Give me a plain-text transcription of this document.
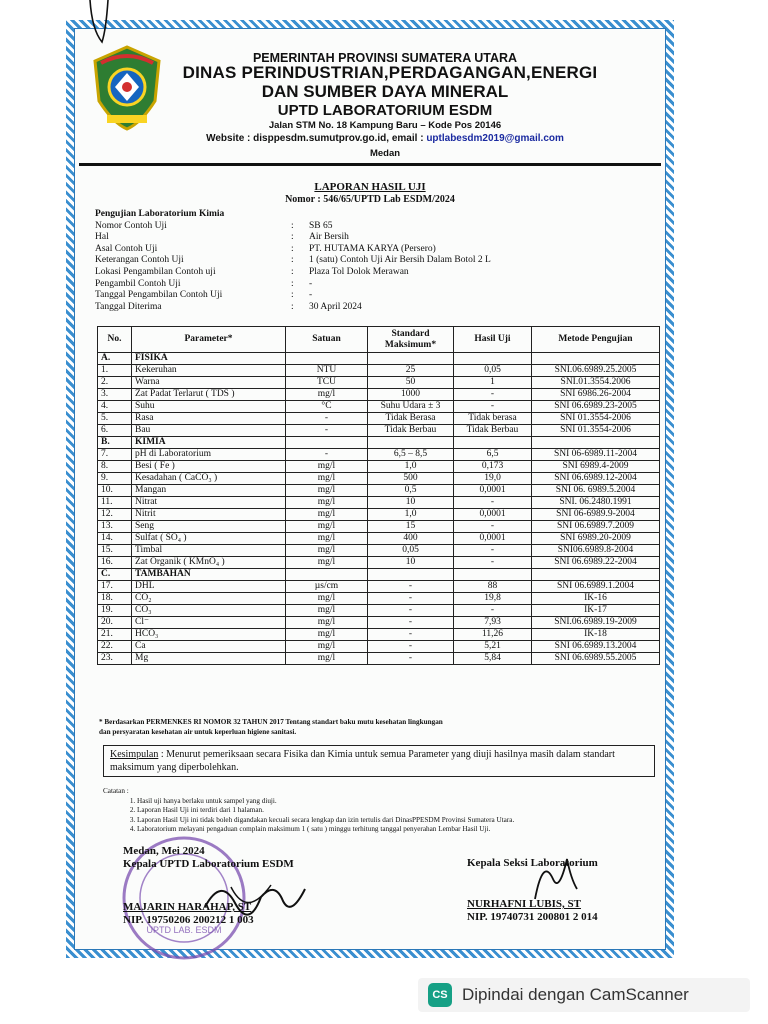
PEMERINTAH PROVINSI SUMATERA UTARA
DINAS PERINDUSTRIAN,PERDAGANGAN,ENERGI
DAN SUMBER DAYA MINERAL
UPTD LABORATORIUM ESDM
Jalan STM No. 18 Kampung Baru – Kode Pos 20146
Website : disppesdm.sumutprov.go.id, email : uptlabesdm2019@gmail.com
Medan
LAPORAN HASIL UJI
Nomor : 546/65/UPTD Lab ESDM/2024
Pengujian Laboratorium Kimia
Nomor Contoh Uji	:	SB 65
Hal	:	Air Bersih
Asal Contoh Uji	:	PT. HUTAMA KARYA (Persero)
Keterangan Contoh Uji	:	1 (satu) Contoh Uji Air Bersih Dalam Botol 2 L
Lokasi Pengambilan Contoh uji	:	Plaza Tol Dolok Merawan
Pengambil Contoh Uji	:	-
Tanggal Pengambilan Contoh Uji	:	-
Tanggal Diterima	:	30 April 2024
No.	Parameter*	Satuan	Standard Maksimum*	Hasil Uji	Metode Pengujian
A.	FISIKA				
1.	Kekeruhan	NTU	25	0,05	SNI.06.6989.25.2005
2.	Warna	TCU	50	1	SNI.01.3554.2006
3.	Zat Padat Terlarut ( TDS )	mg/l	1000	-	SNI 6986.26-2004
4.	Suhu	°C	Suhu Udara ± 3	-	SNI 06.6989.23-2005
5.	Rasa	-	Tidak Berasa	Tidak berasa	SNI 01.3554-2006
6.	Bau	-	Tidak Berbau	Tidak Berbau	SNI 01.3554-2006
B.	KIMIA				
7.	pH di Laboratorium	-	6,5 – 8,5	6,5	SNI 06-6989.11-2004
8.	Besi ( Fe )	mg/l	1,0	0,173	SNI 6989.4-2009
9.	Kesadahan ( CaCO₃ )	mg/l	500	19,0	SNI 06.6989.12-2004
10.	Mangan	mg/l	0,5	0,0001	SNI 06. 6989.5.2004
11.	Nitrat	mg/l	10	-	SNI. 06.2480.1991
12.	Nitrit	mg/l	1,0	0,0001	SNI 06-6989.9-2004
13.	Seng	mg/l	15	-	SNI 06.6989.7.2009
14.	Sulfat ( SO₄ )	mg/l	400	0,0001	SNI 6989.20-2009
15.	Timbal	mg/l	0,05	-	SNI06.6989.8-2004
16.	Zat Organik ( KMnO₄ )	mg/l	10	-	SNI 06.6989.22-2004
C.	TAMBAHAN				
17.	DHL	µs/cm	-	88	SNI 06.6989.1.2004
18.	CO₂	mg/l	-	19,8	IK-16
19.	CO₃	mg/l	-	-	IK-17
20.	Cl⁻	mg/l	-	7,93	SNI.06.6989.19-2009
21.	HCO₃	mg/l	-	11,26	IK-18
22.	Ca	mg/l	-	5,21	SNI 06.6989.13.2004
23.	Mg	mg/l	-	5,84	SNI 06.6989.55.2005
* Berdasarkan PERMENKES RI NOMOR 32 TAHUN 2017 Tentang standart baku mutu kesehatan lingkungan
dan persyaratan kesehatan air untuk keperluan higiene sanitasi.
Kesimpulan : Menurut pemeriksaan secara Fisika dan Kimia untuk semua Parameter yang diuji hasilnya masih dalam standart maksimum yang diperbolehkan.
Catatan :
1. Hasil uji hanya berlaku untuk sampel yang diuji.
2. Laporan Hasil Uji ini terdiri dari 1 halaman.
3. Laporan Hasil Uji ini tidak boleh digandakan kecuali secara lengkap dan izin tertulis dari DinasPPESDM Provinsi Sumatera Utara.
4. Laboratorium melayani pengaduan complain maksimum 1 ( satu ) minggu terhitung tanggal penyerahan Lembar Hasil Uji.
UPTD LAB. ESDM
Medan, Mei 2024
Kepala UPTD Laboratorium ESDM
MAJARIN HARAHAP, ST
NIP. 19750206 200212 1 003
Kepala Seksi Laboratorium
NURHAFNI LUBIS, ST
NIP. 19740731 200801 2 014
CS Dipindai dengan CamScanner
